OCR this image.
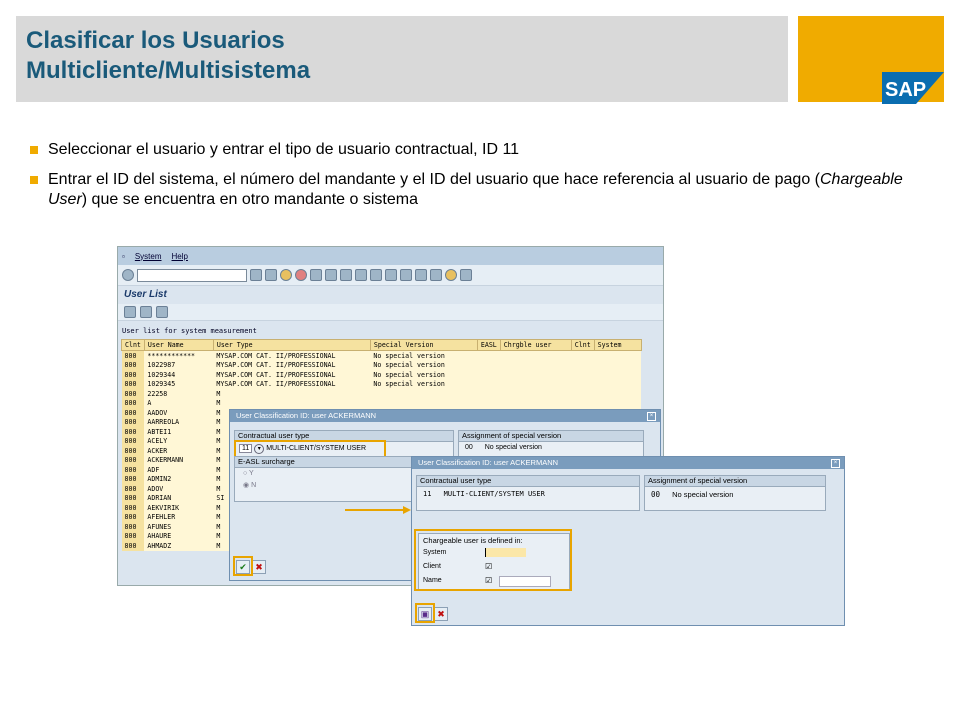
Clasificar los Usuarios
Multicliente/Multisistema
SAP
Seleccionar el usuario y entrar el tipo de usuario contractual, ID 11
Entrar el ID del sistema, el número del mandante y el ID del usuario que hace referencia al usuario de pago (Chargeable User) que se encuentra en otro mandante o sistema
▫ System Help
User List
User list for system measurement
Clnt	User Name	User Type	Special Version	EASL	Chrgble user	Clnt	System
800	************	MYSAP.COM CAT. II/PROFESSIONAL	No special version				
800	1022987	MYSAP.COM CAT. II/PROFESSIONAL	No special version				
800	1029344	MYSAP.COM CAT. II/PROFESSIONAL	No special version				
800	1029345	MYSAP.COM CAT. II/PROFESSIONAL	No special version				
800	22258	M					
800	A	M					
800	AADOV	M					
800	AARREOLA	M					
800	ABTEI1	M					
800	ACELY	M					
800	ACKER	M					
800	ACKERMANN	M					
800	ADF	M					
800	ADMIN2	M					
800	ADOV	M					
800	ADRIAN	SI					
800	AEKVIRIK	M					
800	AFEHLER	M					
800	AFUNES	M					
800	AHAURE	M					
800	AHMADZ	M					
User Classification ID: user ACKERMANN	×
Contractual user type
11 ▾ MULTI-CLIENT/SYSTEM USER
Assignment of special version
00 No special version
E-ASL surcharge
○ Y
◉ N
✔ ✖
User Classification ID: user ACKERMANN	×
Contractual user type
11 MULTI-CLIENT/SYSTEM USER
Assignment of special version
00 No special version
Chargeable user is defined in:
System
Client	☑
Name	☑
▣ ✖
